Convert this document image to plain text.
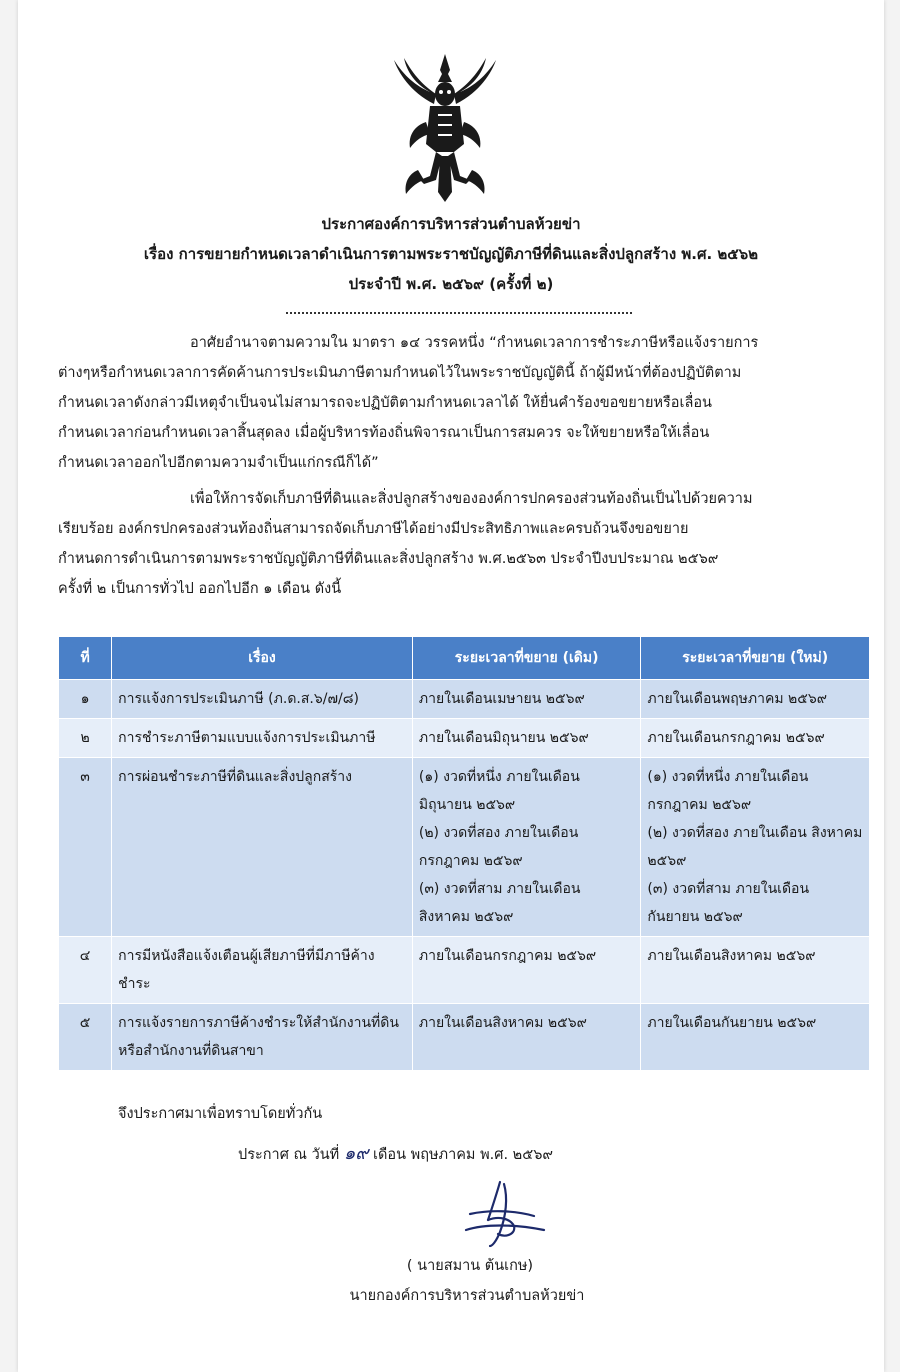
ประกาศองค์การบริหารส่วนตำบลห้วยข่า
เรื่อง การขยายกำหนดเวลาดำเนินการตามพระราชบัญญัติภาษีที่ดินและสิ่งปลูกสร้าง พ.ศ. ๒๕๖๒
ประจำปี พ.ศ. ๒๕๖๙ (ครั้งที่ ๒)
อาศัยอำนาจตามความใน มาตรา ๑๔ วรรคหนึ่ง “กำหนดเวลาการชำระภาษีหรือแจ้งรายการ
ต่างๆหรือกำหนดเวลาการคัดค้านการประเมินภาษีตามกำหนดไว้ในพระราชบัญญัตินี้ ถ้าผู้มีหน้าที่ต้องปฏิบัติตาม
กำหนดเวลาดังกล่าวมีเหตุจำเป็นจนไม่สามารถจะปฏิบัติตามกำหนดเวลาได้ ให้ยื่นคำร้องขอขยายหรือเลื่อน
กำหนดเวลาก่อนกำหนดเวลาสิ้นสุดลง เมื่อผู้บริหารท้องถิ่นพิจารณาเป็นการสมควร จะให้ขยายหรือให้เลื่อน
กำหนดเวลาออกไปอีกตามความจำเป็นแก่กรณีก็ได้”
เพื่อให้การจัดเก็บภาษีที่ดินและสิ่งปลูกสร้างขององค์การปกครองส่วนท้องถิ่นเป็นไปด้วยความ
เรียบร้อย องค์กรปกครองส่วนท้องถิ่นสามารถจัดเก็บภาษีได้อย่างมีประสิทธิภาพและครบถ้วนจึงขอขยาย
กำหนดการดำเนินการตามพระราชบัญญัติภาษีที่ดินและสิ่งปลูกสร้าง พ.ศ.๒๕๖๓ ประจำปีงบประมาณ ๒๕๖๙
ครั้งที่ ๒ เป็นการทั่วไป ออกไปอีก ๑ เดือน ดังนี้
ที่	เรื่อง	ระยะเวลาที่ขยาย (เดิม)	ระยะเวลาที่ขยาย (ใหม่)
๑	การแจ้งการประเมินภาษี (ภ.ด.ส.๖/๗/๘)	ภายในเดือนเมษายน ๒๕๖๙	ภายในเดือนพฤษภาคม ๒๕๖๙
๒	การชำระภาษีตามแบบแจ้งการประเมินภาษี	ภายในเดือนมิถุนายน ๒๕๖๙	ภายในเดือนกรกฎาคม ๒๕๖๙
๓	การผ่อนชำระภาษีที่ดินและสิ่งปลูกสร้าง	(๑) งวดที่หนึ่ง ภายในเดือน มิถุนายน ๒๕๖๙
(๒) งวดที่สอง ภายในเดือน กรกฎาคม ๒๕๖๙
(๓) งวดที่สาม ภายในเดือน สิงหาคม ๒๕๖๙	(๑) งวดที่หนึ่ง ภายในเดือน กรกฎาคม ๒๕๖๙
(๒) งวดที่สอง ภายในเดือน สิงหาคม ๒๕๖๙
(๓) งวดที่สาม ภายในเดือน กันยายน ๒๕๖๙

๔	การมีหนังสือแจ้งเตือนผู้เสียภาษีที่มีภาษีค้างชำระ	ภายในเดือนกรกฎาคม ๒๕๖๙	ภายในเดือนสิงหาคม ๒๕๖๙
๕	การแจ้งรายการภาษีค้างชำระให้สำนักงานที่ดินหรือสำนักงานที่ดินสาขา	ภายในเดือนสิงหาคม ๒๕๖๙	ภายในเดือนกันยายน ๒๕๖๙
จึงประกาศมาเพื่อทราบโดยทั่วกัน
ประกาศ ณ วันที่ ๑๙ เดือน พฤษภาคม พ.ศ. ๒๕๖๙
( นายสมาน ต้นเกษ)
นายกองค์การบริหารส่วนตำบลห้วยข่า
